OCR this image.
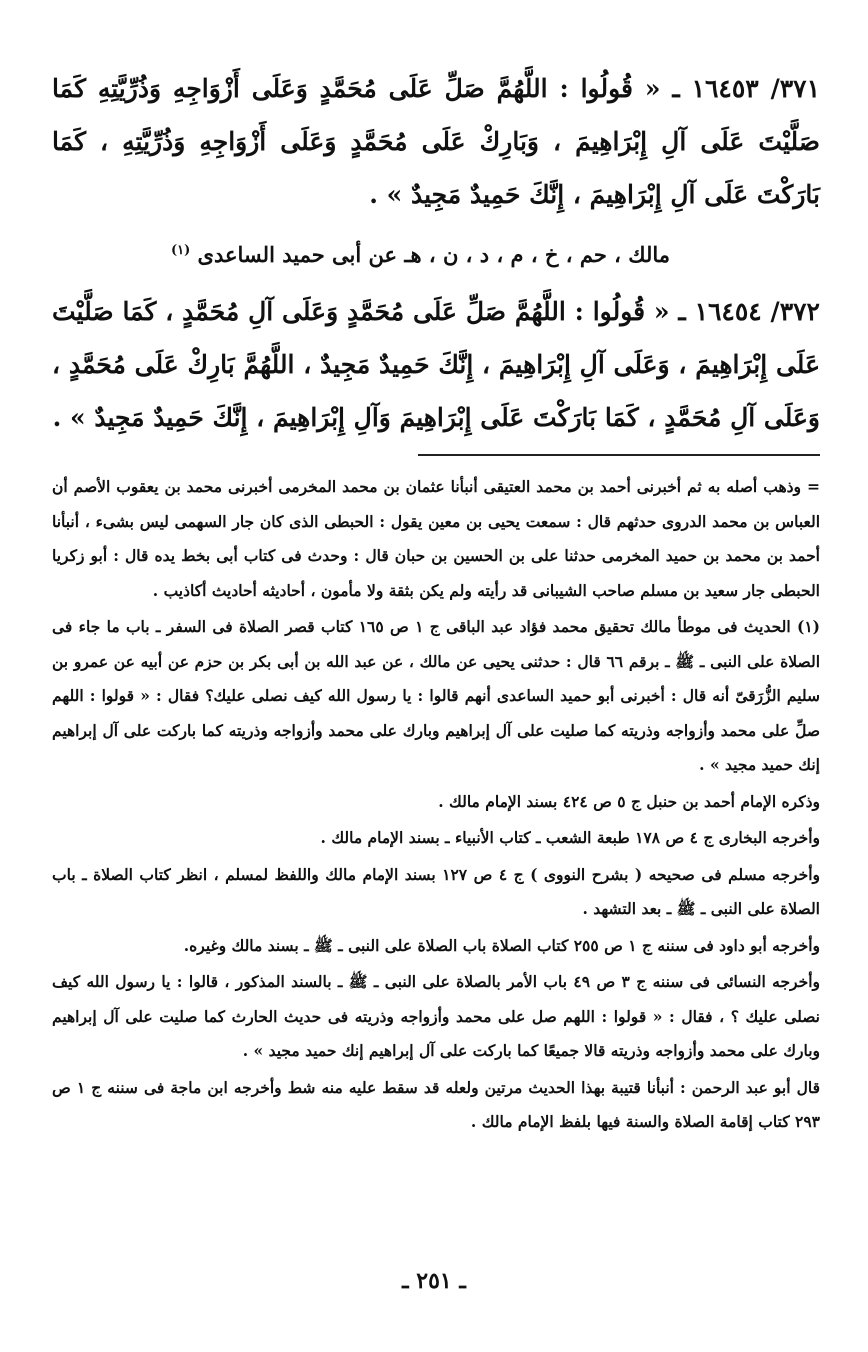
٣٧١/ ١٦٤٥٣ ـ « قُولُوا : اللَّهُمَّ صَلِّ عَلَى مُحَمَّدٍ وَعَلَى أَزْوَاجِهِ وَذُرِّيَّتِهِ كَمَا صَلَّيْتَ عَلَى آلِ إِبْرَاهِيمَ ، وَبَارِكْ عَلَى مُحَمَّدٍ وَعَلَى أَزْوَاجِهِ وَذُرِّيَّتِهِ ، كَمَا بَارَكْتَ عَلَى آلِ إِبْرَاهِيمَ ، إِنَّكَ حَمِيدٌ مَجِيدٌ » .

مالك ، حم ، خ ، م ، د ، ن ، هـ عن أبى حميد الساعدى $^{(١)}$

٣٧٢/ ١٦٤٥٤ ـ « قُولُوا : اللَّهُمَّ صَلِّ عَلَى مُحَمَّدٍ وَعَلَى آلِ مُحَمَّدٍ ، كَمَا صَلَّيْتَ عَلَى إِبْرَاهِيمَ ، وَعَلَى آلِ إِبْرَاهِيمَ ، إِنَّكَ حَمِيدٌ مَجِيدٌ ، اللَّهُمَّ بَارِكْ عَلَى مُحَمَّدٍ ، وَعَلَى آلِ مُحَمَّدٍ ، كَمَا بَارَكْتَ عَلَى إِبْرَاهِيمَ وَآلِ إِبْرَاهِيمَ ، إِنَّكَ حَمِيدٌ مَجِيدٌ » .

= وذهب أصله به ثم أخبرنى أحمد بن محمد العتيقى أنبأنا عثمان بن محمد المخرمى أخبرنى محمد بن يعقوب الأصم أن العباس بن محمد الدروى حدثهم قال : سمعت يحيى بن معين يقول : الحبطى الذى كان جار السهمى ليس بشىء ، أنبأنا أحمد بن محمد بن حميد المخرمى حدثنا على بن الحسين بن حبان قال : وحدث فى كتاب أبى بخط يده قال : أبو زكريا الحبطى جار سعيد بن مسلم صاحب الشيبانى قد رأيته ولم يكن بثقة ولا مأمون ، أحاديثه أحاديث أكاذيب .

(١) الحديث فى موطأ مالك تحقيق محمد فؤاد عبد الباقى ج ١ ص ١٦٥ كتاب قصر الصلاة فى السفر ـ باب ما جاء فى الصلاة على النبى ـ ﷺ ـ برقم ٦٦ قال : حدثنى يحيى عن مالك ، عن عبد الله بن أبى بكر بن حزم عن أبيه عن عمرو بن سليم الزُّرَقىّ أنه قال : أخبرنى أبو حميد الساعدى أنهم قالوا : يا رسول الله كيف نصلى عليك؟ فقال : « قولوا : اللهم صلِّ على محمد وأزواجه وذريته كما صليت على آل إبراهيم وبارك على محمد وأزواجه وذريته كما باركت على آل إبراهيم إنك حميد مجيد » .

وذكره الإمام أحمد بن حنبل ج ٥ ص ٤٢٤ بسند الإمام مالك .

وأخرجه البخارى ج ٤ ص ١٧٨ طبعة الشعب ـ كتاب الأنبياء ـ بسند الإمام مالك .

وأخرجه مسلم فى صحيحه ( بشرح النووى ) ج ٤ ص ١٢٧ بسند الإمام مالك واللفظ لمسلم ، انظر كتاب الصلاة ـ باب الصلاة على النبى ـ ﷺ ـ بعد التشهد .

وأخرجه أبو داود فى سننه ج ١ ص ٢٥٥ كتاب الصلاة باب الصلاة على النبى ـ ﷺ ـ بسند مالك وغيره.

وأخرجه النسائى فى سننه ج ٣ ص ٤٩ باب الأمر بالصلاة على النبى ـ ﷺ ـ بالسند المذكور ، قالوا : يا رسول الله كيف نصلى عليك ؟ ، فقال : « قولوا : اللهم صل على محمد وأزواجه وذريته فى حديث الحارث كما صليت على آل إبراهيم وبارك على محمد وأزواجه وذريته قالا جميعًا كما باركت على آل إبراهيم إنك حميد مجيد » .

قال أبو عبد الرحمن : أنبأنا قتيبة بهذا الحديث مرتين ولعله قد سقط عليه منه شط وأخرجه ابن ماجة فى سننه ج ١ ص ٢٩٣ كتاب إقامة الصلاة والسنة فيها بلفظ الإمام مالك .

ـ ٢٥١ ـ
